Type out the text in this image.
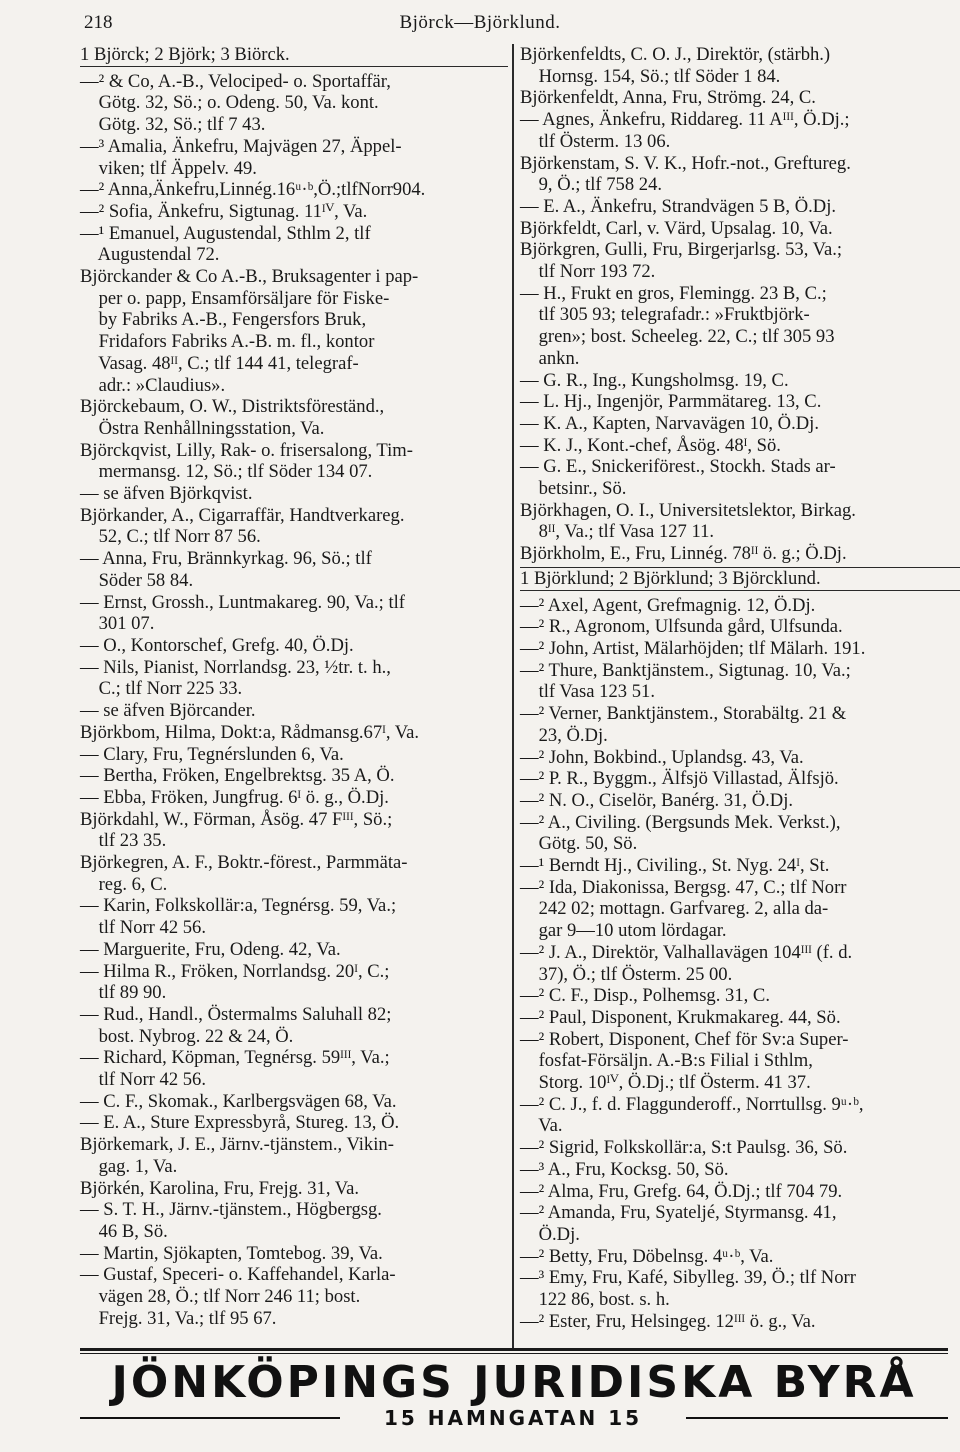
218	Björck—Björklund.
1 Björck; 2 Björk; 3 Biörck.
—² & Co, A.-B., Velociped- o. Sportaffär,
Götg. 32, Sö.; o. Odeng. 50, Va. kont.
Götg. 32, Sö.; tlf 7 43.
—³ Amalia, Änkefru, Majvägen 27, Äppel-
viken; tlf Äppelv. 49.
—² Anna,Änkefru,Linnég.16ᵘ·ᵇ,Ö.;tlfNorr904.
—² Sofia, Änkefru, Sigtunag. 11ᴵⱽ, Va.
—¹ Emanuel, Augustendal, Sthlm 2, tlf
Augustendal 72.
Björckander & Co A.-B., Bruksagenter i pap-
per o. papp, Ensamförsäljare för Fiske-
by Fabriks A.-B., Fengersfors Bruk,
Fridafors Fabriks A.-B. m. fl., kontor
Vasag. 48ᴵᴵ, C.; tlf 144 41, telegraf-
adr.: »Claudius».
Björckebaum, O. W., Distriktsföreständ.,
Östra Renhållningsstation, Va.
Björckqvist, Lilly, Rak- o. frisersalong, Tim-
mermansg. 12, Sö.; tlf Söder 134 07.
— se äfven Björkqvist.
Björkander, A., Cigarraffär, Handtverkareg.
52, C.; tlf Norr 87 56.
— Anna, Fru, Brännkyrkag. 96, Sö.; tlf
Söder 58 84.
— Ernst, Grossh., Luntmakareg. 90, Va.; tlf
301 07.
— O., Kontorschef, Grefg. 40, Ö.Dj.
— Nils, Pianist, Norrlandsg. 23, ½tr. t. h.,
C.; tlf Norr 225 33.
— se äfven Björcander.
Björkbom, Hilma, Dokt:a, Rådmansg.67ᴵ, Va.
— Clary, Fru, Tegnérslunden 6, Va.
— Bertha, Fröken, Engelbrektsg. 35 A, Ö.
— Ebba, Fröken, Jungfrug. 6ᴵ ö. g., Ö.Dj.
Björkdahl, W., Förman, Åsög. 47 Fᴵᴵᴵ, Sö.;
tlf 23 35.
Björkegren, A. F., Boktr.-förest., Parmmäta-
reg. 6, C.
— Karin, Folkskollär:a, Tegnérsg. 59, Va.;
tlf Norr 42 56.
— Marguerite, Fru, Odeng. 42, Va.
— Hilma R., Fröken, Norrlandsg. 20ᴵ, C.;
tlf 89 90.
— Rud., Handl., Östermalms Saluhall 82;
bost. Nybrog. 22 & 24, Ö.
— Richard, Köpman, Tegnérsg. 59ᴵᴵᴵ, Va.;
tlf Norr 42 56.
— C. F., Skomak., Karlbergsvägen 68, Va.
— E. A., Sture Expressbyrå, Stureg. 13, Ö.
Björkemark, J. E., Järnv.-tjänstem., Vikin-
gag. 1, Va.
Björkén, Karolina, Fru, Frejg. 31, Va.
— S. T. H., Järnv.-tjänstem., Högbergsg.
46 B, Sö.
— Martin, Sjökapten, Tomtebog. 39, Va.
— Gustaf, Speceri- o. Kaffehandel, Karla-
vägen 28, Ö.; tlf Norr 246 11; bost.
Frejg. 31, Va.; tlf 95 67.
Björkenfeldts, C. O. J., Direktör, (stärbh.)
Hornsg. 154, Sö.; tlf Söder 1 84.
Björkenfeldt, Anna, Fru, Strömg. 24, C.
— Agnes, Änkefru, Riddareg. 11 Aᴵᴵᴵ, Ö.Dj.;
tlf Österm. 13 06.
Björkenstam, S. V. K., Hofr.-not., Greftureg.
9, Ö.; tlf 758 24.
— E. A., Änkefru, Strandvägen 5 B, Ö.Dj.
Björkfeldt, Carl, v. Värd, Upsalag. 10, Va.
Björkgren, Gulli, Fru, Birgerjarlsg. 53, Va.;
tlf Norr 193 72.
— H., Frukt en gros, Flemingg. 23 B, C.;
tlf 305 93; telegrafadr.: »Fruktbjörk-
gren»; bost. Scheeleg. 22, C.; tlf 305 93
ankn.
— G. R., Ing., Kungsholmsg. 19, C.
— L. Hj., Ingenjör, Parmmätareg. 13, C.
— K. A., Kapten, Narvavägen 10, Ö.Dj.
— K. J., Kont.-chef, Åsög. 48ᴵ, Sö.
— G. E., Snickeriförest., Stockh. Stads ar-
betsinr., Sö.
Björkhagen, O. I., Universitetslektor, Birkag.
8ᴵᴵ, Va.; tlf Vasa 127 11.
Björkholm, E., Fru, Linnég. 78ᴵᴵ ö. g.; Ö.Dj.
1 Björklund; 2 Björklund; 3 Björcklund.
—² Axel, Agent, Grefmagnig. 12, Ö.Dj.
—² R., Agronom, Ulfsunda gård, Ulfsunda.
—² John, Artist, Mälarhöjden; tlf Mälarh. 191.
—² Thure, Banktjänstem., Sigtunag. 10, Va.;
tlf Vasa 123 51.
—² Verner, Banktjänstem., Storabältg. 21 &
23, Ö.Dj.
—² John, Bokbind., Uplandsg. 43, Va.
—² P. R., Byggm., Älfsjö Villastad, Älfsjö.
—² N. O., Ciselör, Banérg. 31, Ö.Dj.
—² A., Civiling. (Bergsunds Mek. Verkst.),
Götg. 50, Sö.
—¹ Berndt Hj., Civiling., St. Nyg. 24ᴵ, St.
—² Ida, Diakonissa, Bergsg. 47, C.; tlf Norr
242 02; mottagn. Garfvareg. 2, alla da-
gar 9—10 utom lördagar.
—² J. A., Direktör, Valhallavägen 104ᴵᴵᴵ (f. d.
37), Ö.; tlf Österm. 25 00.
—² C. F., Disp., Polhemsg. 31, C.
—² Paul, Disponent, Krukmakareg. 44, Sö.
—² Robert, Disponent, Chef för Sv:a Super-
fosfat-Försäljn. A.-B:s Filial i Sthlm,
Storg. 10ᴵⱽ, Ö.Dj.; tlf Österm. 41 37.
—² C. J., f. d. Flaggunderoff., Norrtullsg. 9ᵘ·ᵇ,
Va.
—² Sigrid, Folkskollär:a, S:t Paulsg. 36, Sö.
—³ A., Fru, Kocksg. 50, Sö.
—² Alma, Fru, Grefg. 64, Ö.Dj.; tlf 704 79.
—² Amanda, Fru, Syatelјé, Styrmansg. 41,
Ö.Dj.
—² Betty, Fru, Döbelnsg. 4ᵘ·ᵇ, Va.
—³ Emy, Fru, Kafé, Sibylleg. 39, Ö.; tlf Norr
122 86, bost. s. h.
—² Ester, Fru, Helsingeg. 12ᴵᴵᴵ ö. g., Va.
JÖNKÖPINGS JURIDISKA BYRÅ
15 HAMNGATAN 15
